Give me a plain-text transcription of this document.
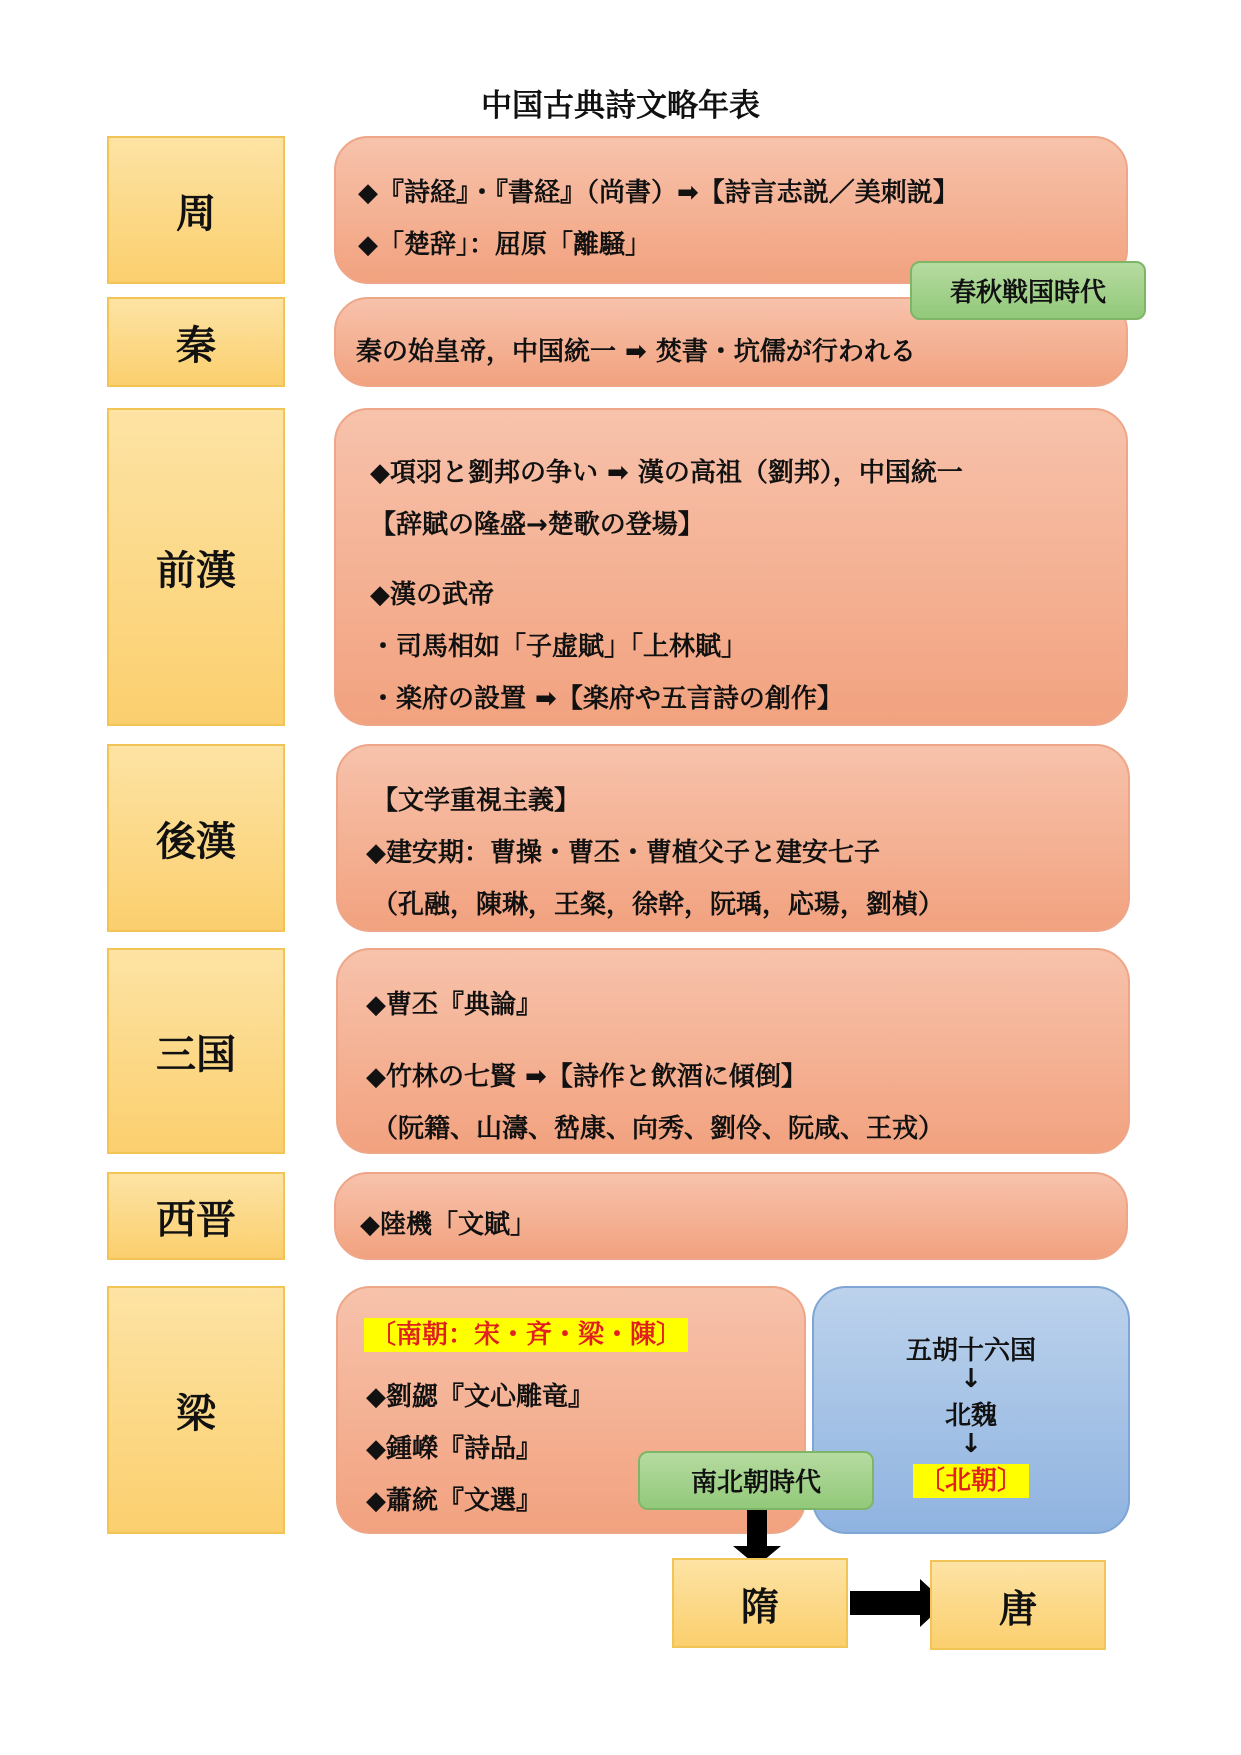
中国古典詩文略年表
周	◆『詩経』・『書経』（尚書）➡【詩言志説／美刺説】
◆「楚辞」：屈原「離騒」
秦	秦の始皇帝，中国統一 ➡ 焚書・坑儒が行われる
春秋戦国時代
前漢
◆項羽と劉邦の争い ➡ 漢の高祖（劉邦），中国統一
【辞賦の隆盛→楚歌の登場】
◆漢の武帝
・司馬相如「子虚賦」「上林賦」
・楽府の設置 ➡【楽府や五言詩の創作】
後漢
【文学重視主義】
◆建安期：曹操・曹丕・曹植父子と建安七子
（孔融，陳琳，王粲，徐幹，阮瑀，応瑒，劉楨）
三国
◆曹丕『典論』
◆竹林の七賢 ➡【詩作と飲酒に傾倒】
（阮籍、山濤、嵆康、向秀、劉伶、阮咸、王戎）
西晋	◆陸機「文賦」
梁
〔南朝：宋・斉・梁・陳〕
◆劉勰『文心雕竜』
◆鍾嶸『詩品』
◆蕭統『文選』
五胡十六国
↓
北魏
↓
〔北朝〕
南北朝時代
隋	唐
